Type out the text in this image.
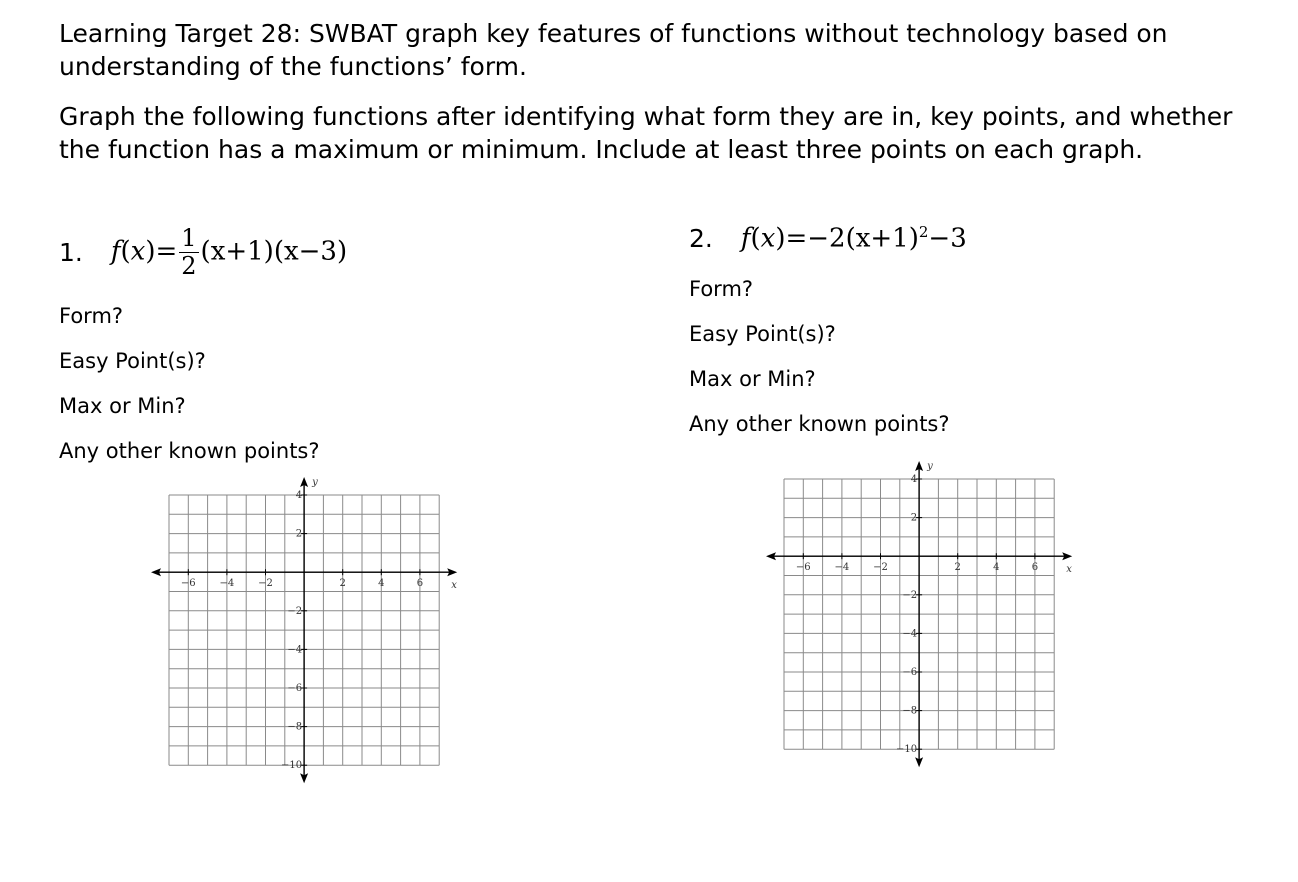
Learning Target 28: SWBAT graph key features of functions without technology based on understanding of the functions’ form.
Graph the following functions after identifying what form they are in, key points, and whether the function has a maximum or minimum. Include at least three points on each graph.
1. $f(x)= \frac{1}{2} (x+1)(x-3)$
Form?
Easy Point(s)?
Max or Min?
Any other known points?
2. $f(x)=-2(x+1)^2-3$
Form?
Easy Point(s)?
Max or Min?
Any other known points?
x
y
−6 −4 −2	2	4	6
4
2
−2
−4
−6
−8
−10
x
y
−6 −4 −2	2	4	6
4
2
−2
−4
−6
−8
−10
